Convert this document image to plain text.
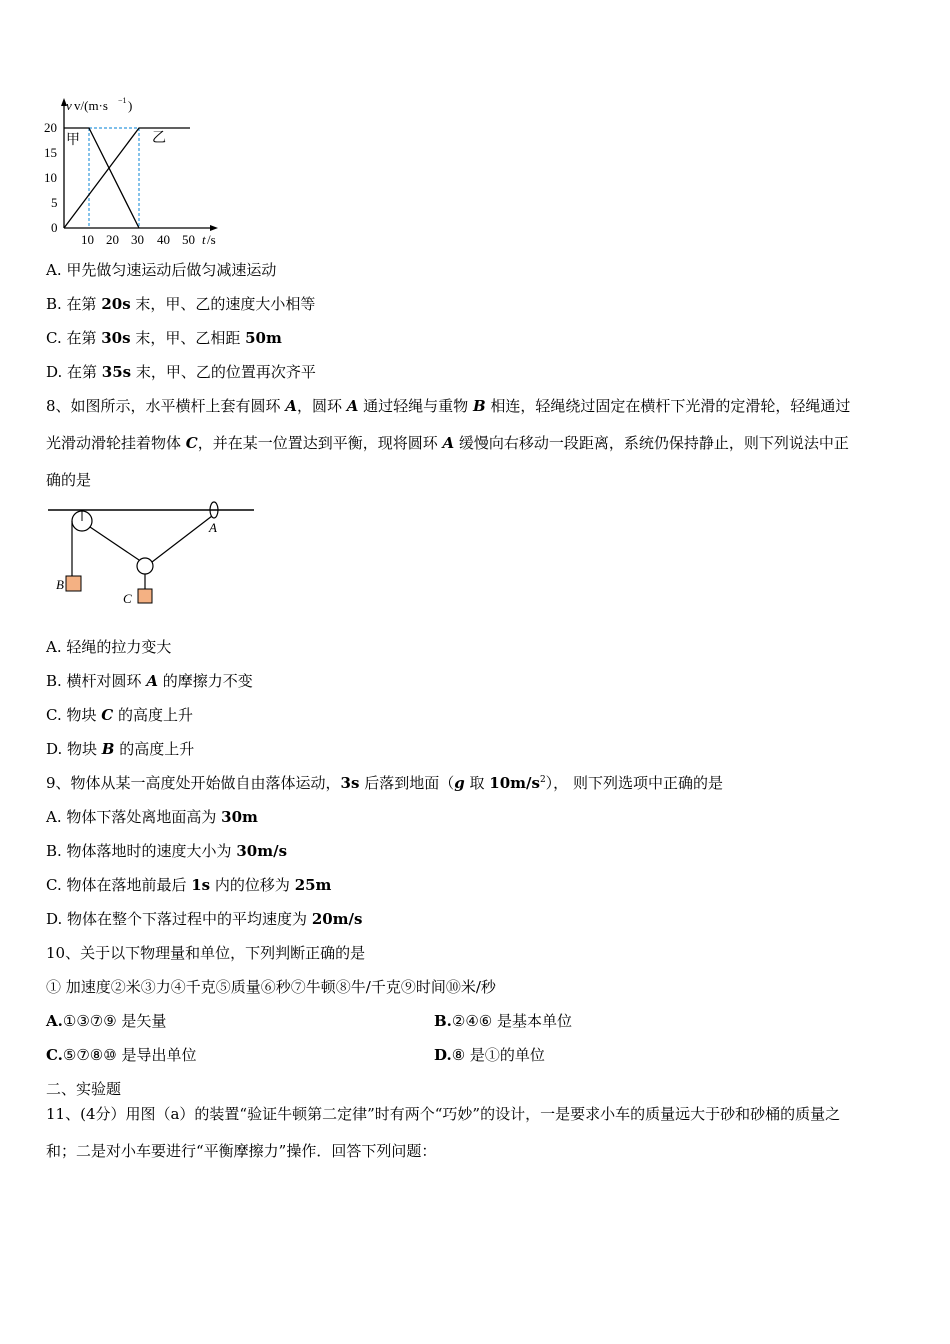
v v/(m·s −1 )
20
15
10
5
0
10 20 30 40 50 t /s
甲	乙
A. 甲先做匀速运动后做匀减速运动
B. 在第 20s 末，甲、乙的速度大小相等
C. 在第 30s 末，甲、乙相距 50m
D. 在第 35s 末，甲、乙的位置再次齐平
8、如图所示，水平横杆上套有圆环 A，圆环 A 通过轻绳与重物 B 相连，轻绳绕过固定在横杆下光滑的定滑轮，轻绳通过
光滑动滑轮挂着物体 C，并在某一位置达到平衡，现将圆环 A 缓慢向右移动一段距离，系统仍保持静止，则下列说法中正
确的是
A
B
C
A. 轻绳的拉力变大
B. 横杆对圆环 A 的摩擦力不变
C. 物块 C 的高度上升
D. 物块 B 的高度上升
9、物体从某一高度处开始做自由落体运动，3s 后落到地面（g 取 $10m/s^2$）， 则下列选项中正确的是
A. 物体下落处离地面高为 30m
B. 物体落地时的速度大小为 30m/s
C. 物体在落地前最后 1s 内的位移为 25m
D. 物体在整个下落过程中的平均速度为 20m/s
10、关于以下物理量和单位，下列判断正确的是
① 加速度②米③力④千克⑤质量⑥秒⑦牛顿⑧牛/千克⑨时间⑩米/秒
A.①③⑦⑨ 是矢量	B.②④⑥ 是基本单位
C.⑤⑦⑧⑩ 是导出单位	D.⑧ 是①的单位
二、实验题
11、(4分）用图（a）的装置“验证牛顿第二定律”时有两个“巧妙”的设计，一是要求小车的质量远大于砂和砂桶的质量之
和；二是对小车要进行“平衡摩擦力”操作．回答下列问题：
